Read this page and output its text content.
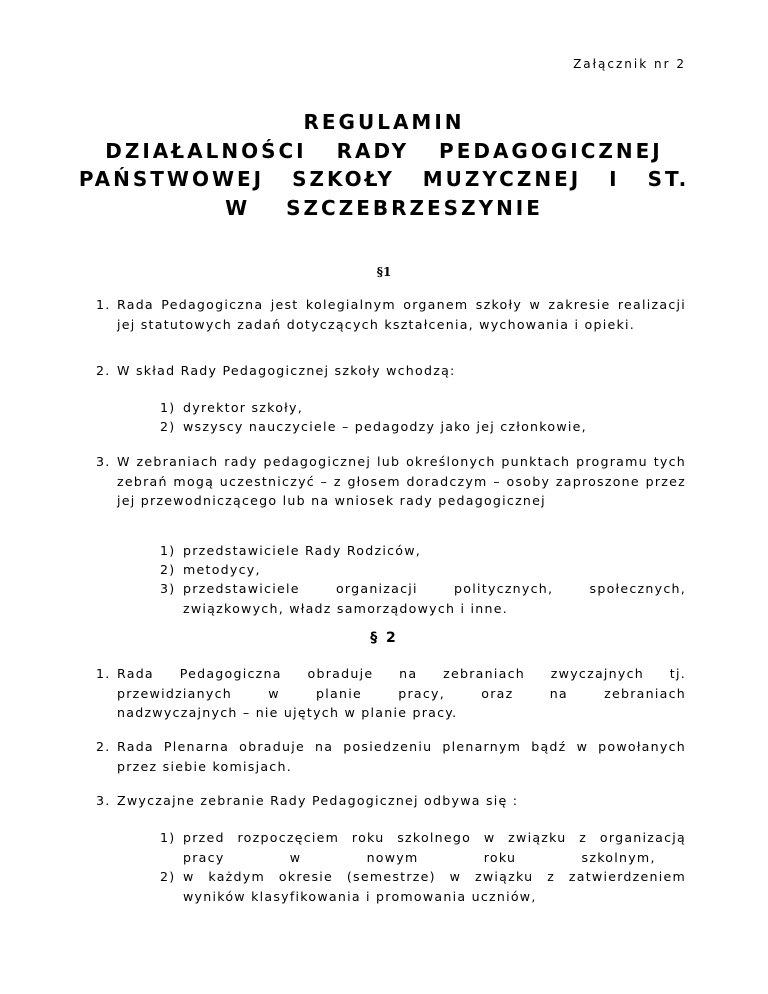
Załącznik nr 2
REGULAMIN
DZIAŁALNOŚCI RADY PEDAGOGICZNEJ
PAŃSTWOWEJ SZKOŁY MUZYCZNEJ I ST.
W SZCZEBRZESZYNIE
§1
1. Rada Pedagogiczna jest kolegialnym organem szkoły w zakresie realizacji jej statutowych zadań dotyczących kształcenia, wychowania i opieki.
2. W skład Rady Pedagogicznej szkoły wchodzą:
1) dyrektor szkoły,
2) wszyscy nauczyciele – pedagodzy jako jej członkowie,
3. W zebraniach rady pedagogicznej lub określonych punktach programu tych zebrań mogą uczestniczyć – z głosem doradczym – osoby zaproszone przez jej przewodniczącego lub na wniosek rady pedagogicznej
1) przedstawiciele Rady Rodziców,
2) metodycy,
3) przedstawiciele organizacji politycznych, społecznych, związkowych, władz samorządowych i inne.
§ 2
1. Rada Pedagogiczna obraduje na zebraniach zwyczajnych tj.
przewidzianych w planie pracy, oraz na zebraniach
nadzwyczajnych – nie ujętych w planie pracy.
2. Rada Plenarna obraduje na posiedzeniu plenarnym bądź w powołanych przez siebie komisjach.
3. Zwyczajne zebranie Rady Pedagogicznej odbywa się :
1) przed rozpoczęciem roku szkolnego w związku z organizacją
pracy w nowym roku szkolnym,
2) w każdym okresie (semestrze) w związku z zatwierdzeniem wyników klasyfikowania i promowania uczniów,
